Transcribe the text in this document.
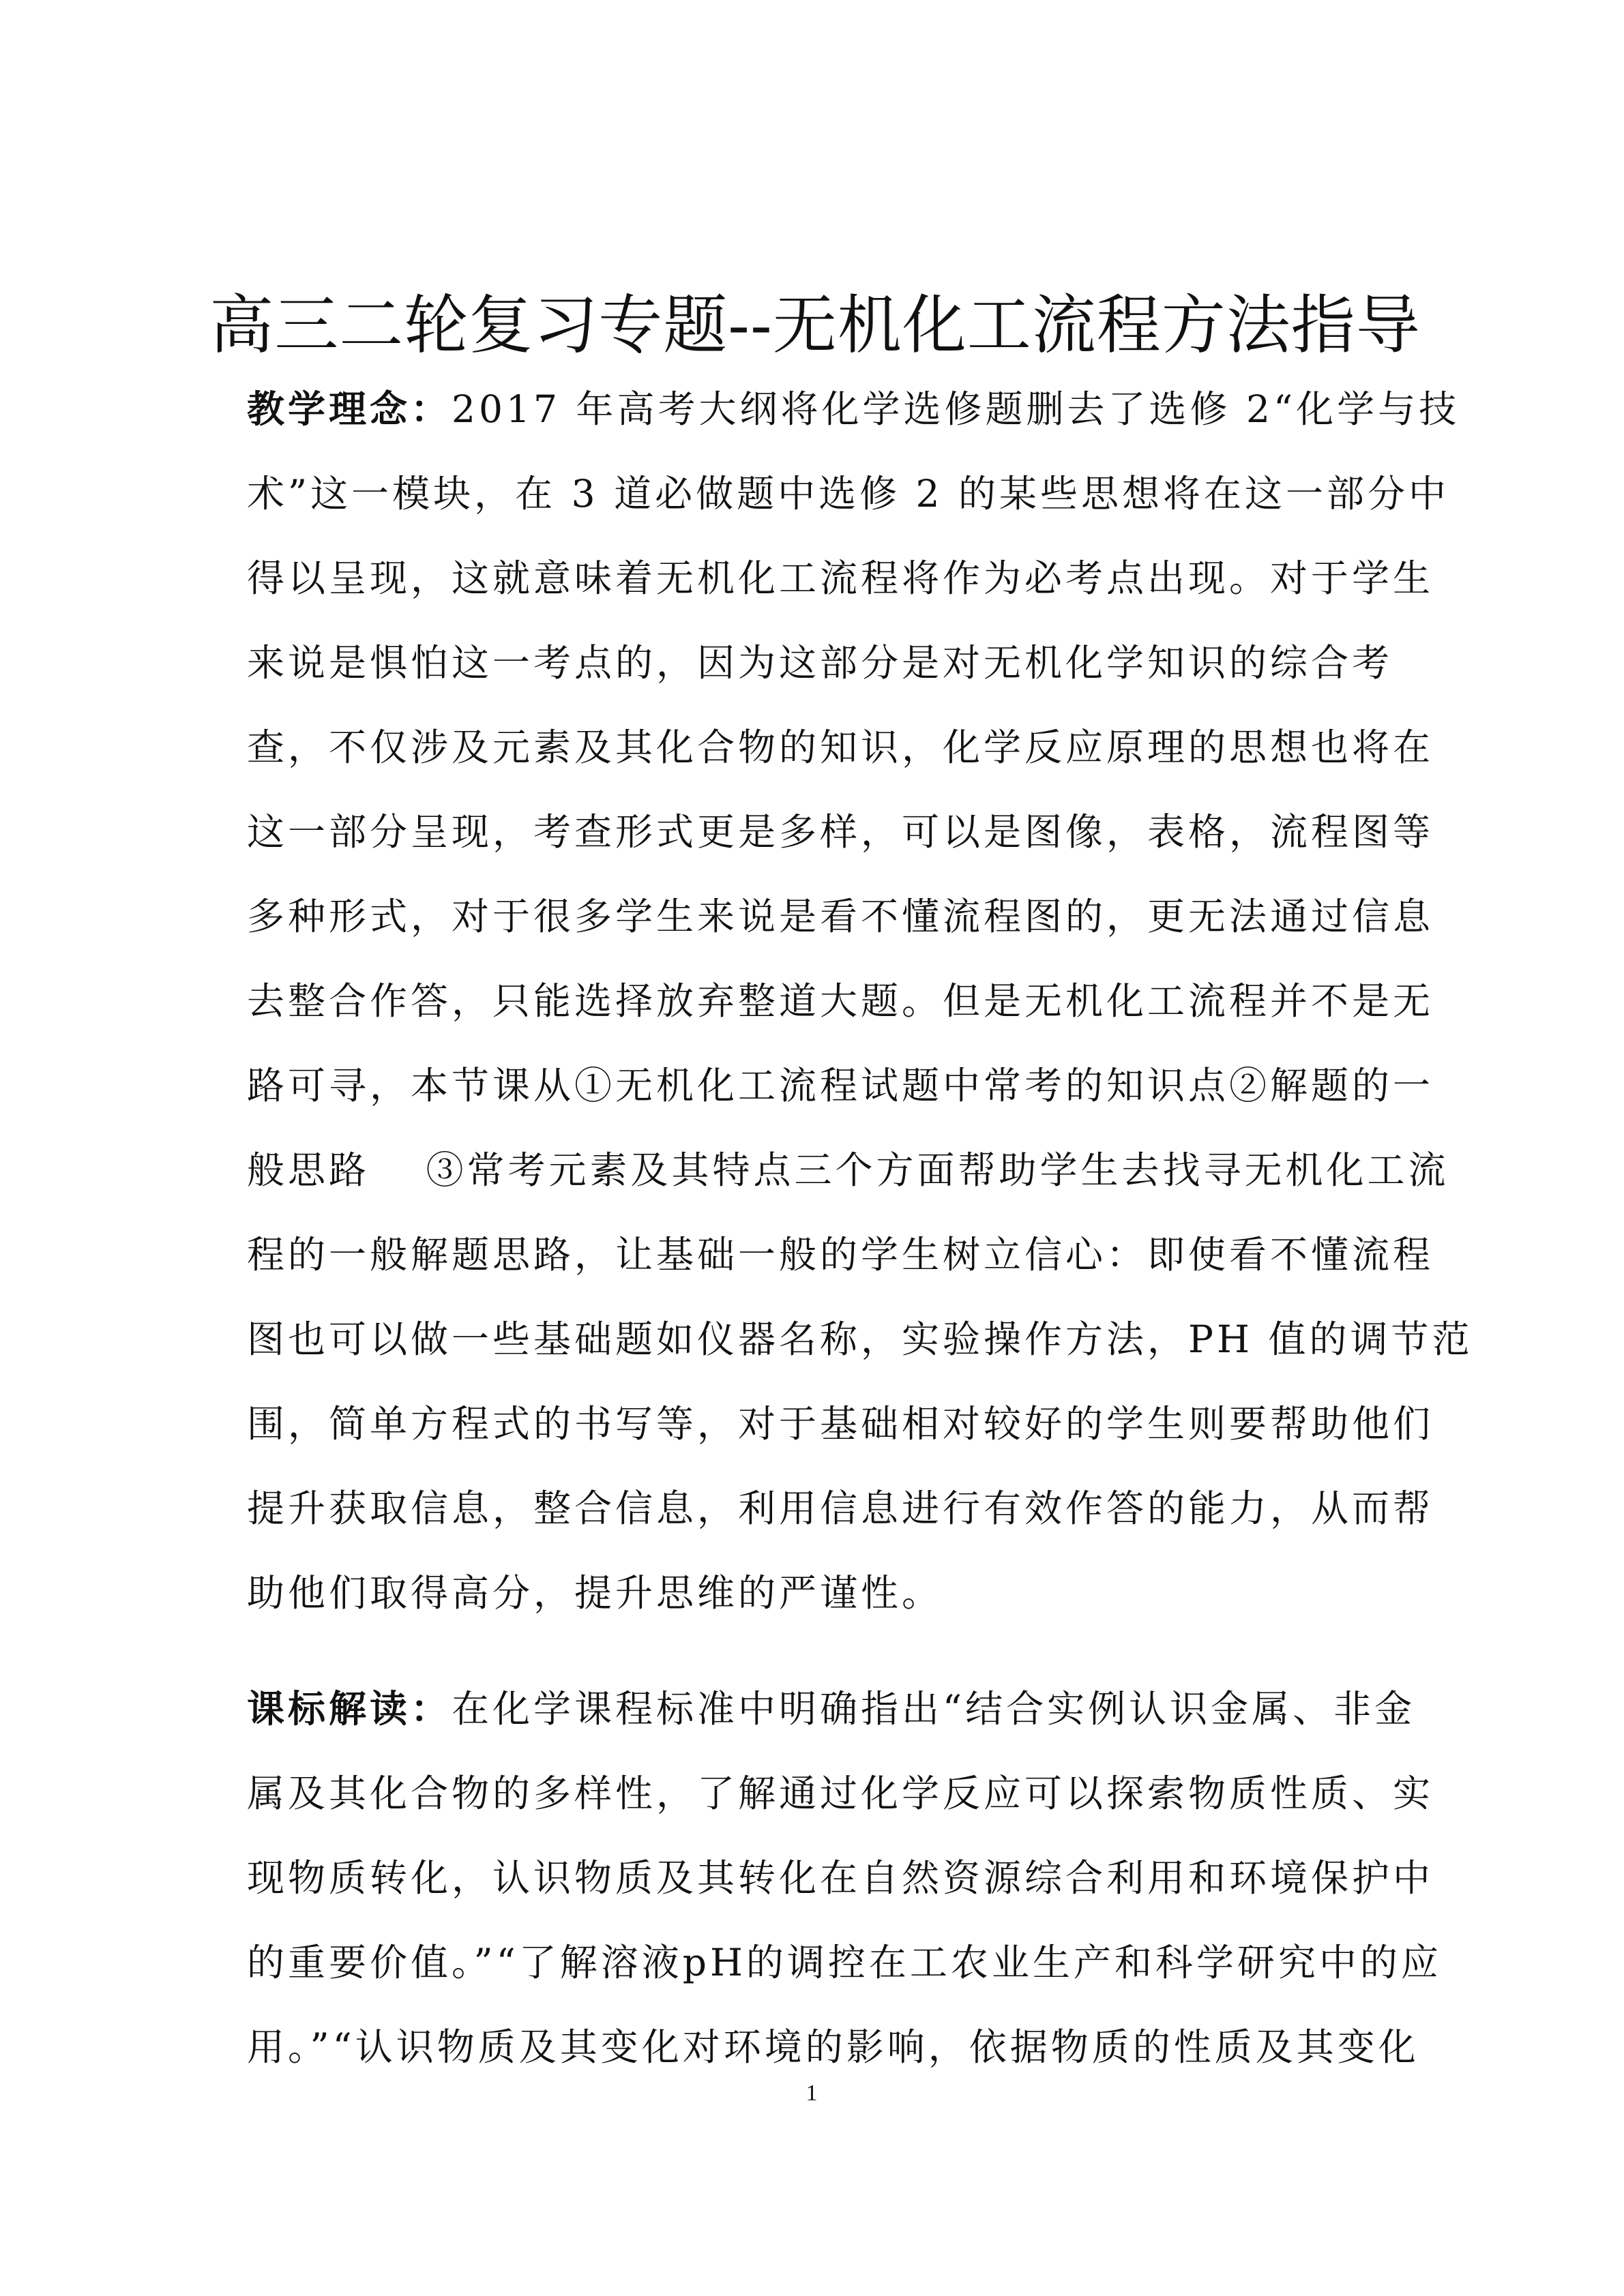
高三二轮复习专题--无机化工流程方法指导
教学理念：2017 年高考大纲将化学选修题删去了选修 2“化学与技
术”这一模块，在 3 道必做题中选修 2 的某些思想将在这一部分中
得以呈现，这就意味着无机化工流程将作为必考点出现。对于学生
来说是惧怕这一考点的，因为这部分是对无机化学知识的综合考
查，不仅涉及元素及其化合物的知识，化学反应原理的思想也将在
这一部分呈现，考查形式更是多样，可以是图像，表格，流程图等
多种形式，对于很多学生来说是看不懂流程图的，更无法通过信息
去整合作答，只能选择放弃整道大题。但是无机化工流程并不是无
路可寻，本节课从①无机化工流程试题中常考的知识点②解题的一
般思路　 ③常考元素及其特点三个方面帮助学生去找寻无机化工流
程的一般解题思路，让基础一般的学生树立信心：即使看不懂流程
图也可以做一些基础题如仪器名称，实验操作方法，PH 值的调节范
围，简单方程式的书写等，对于基础相对较好的学生则要帮助他们
提升获取信息，整合信息，利用信息进行有效作答的能力，从而帮
助他们取得高分，提升思维的严谨性。
课标解读：在化学课程标准中明确指出“结合实例认识金属、非金
属及其化合物的多样性，了解通过化学反应可以探索物质性质、实
现物质转化，认识物质及其转化在自然资源综合利用和环境保护中
的重要价值。”“了解溶液pH的调控在工农业生产和科学研究中的应
用。”“认识物质及其变化对环境的影响，依据物质的性质及其变化
1
